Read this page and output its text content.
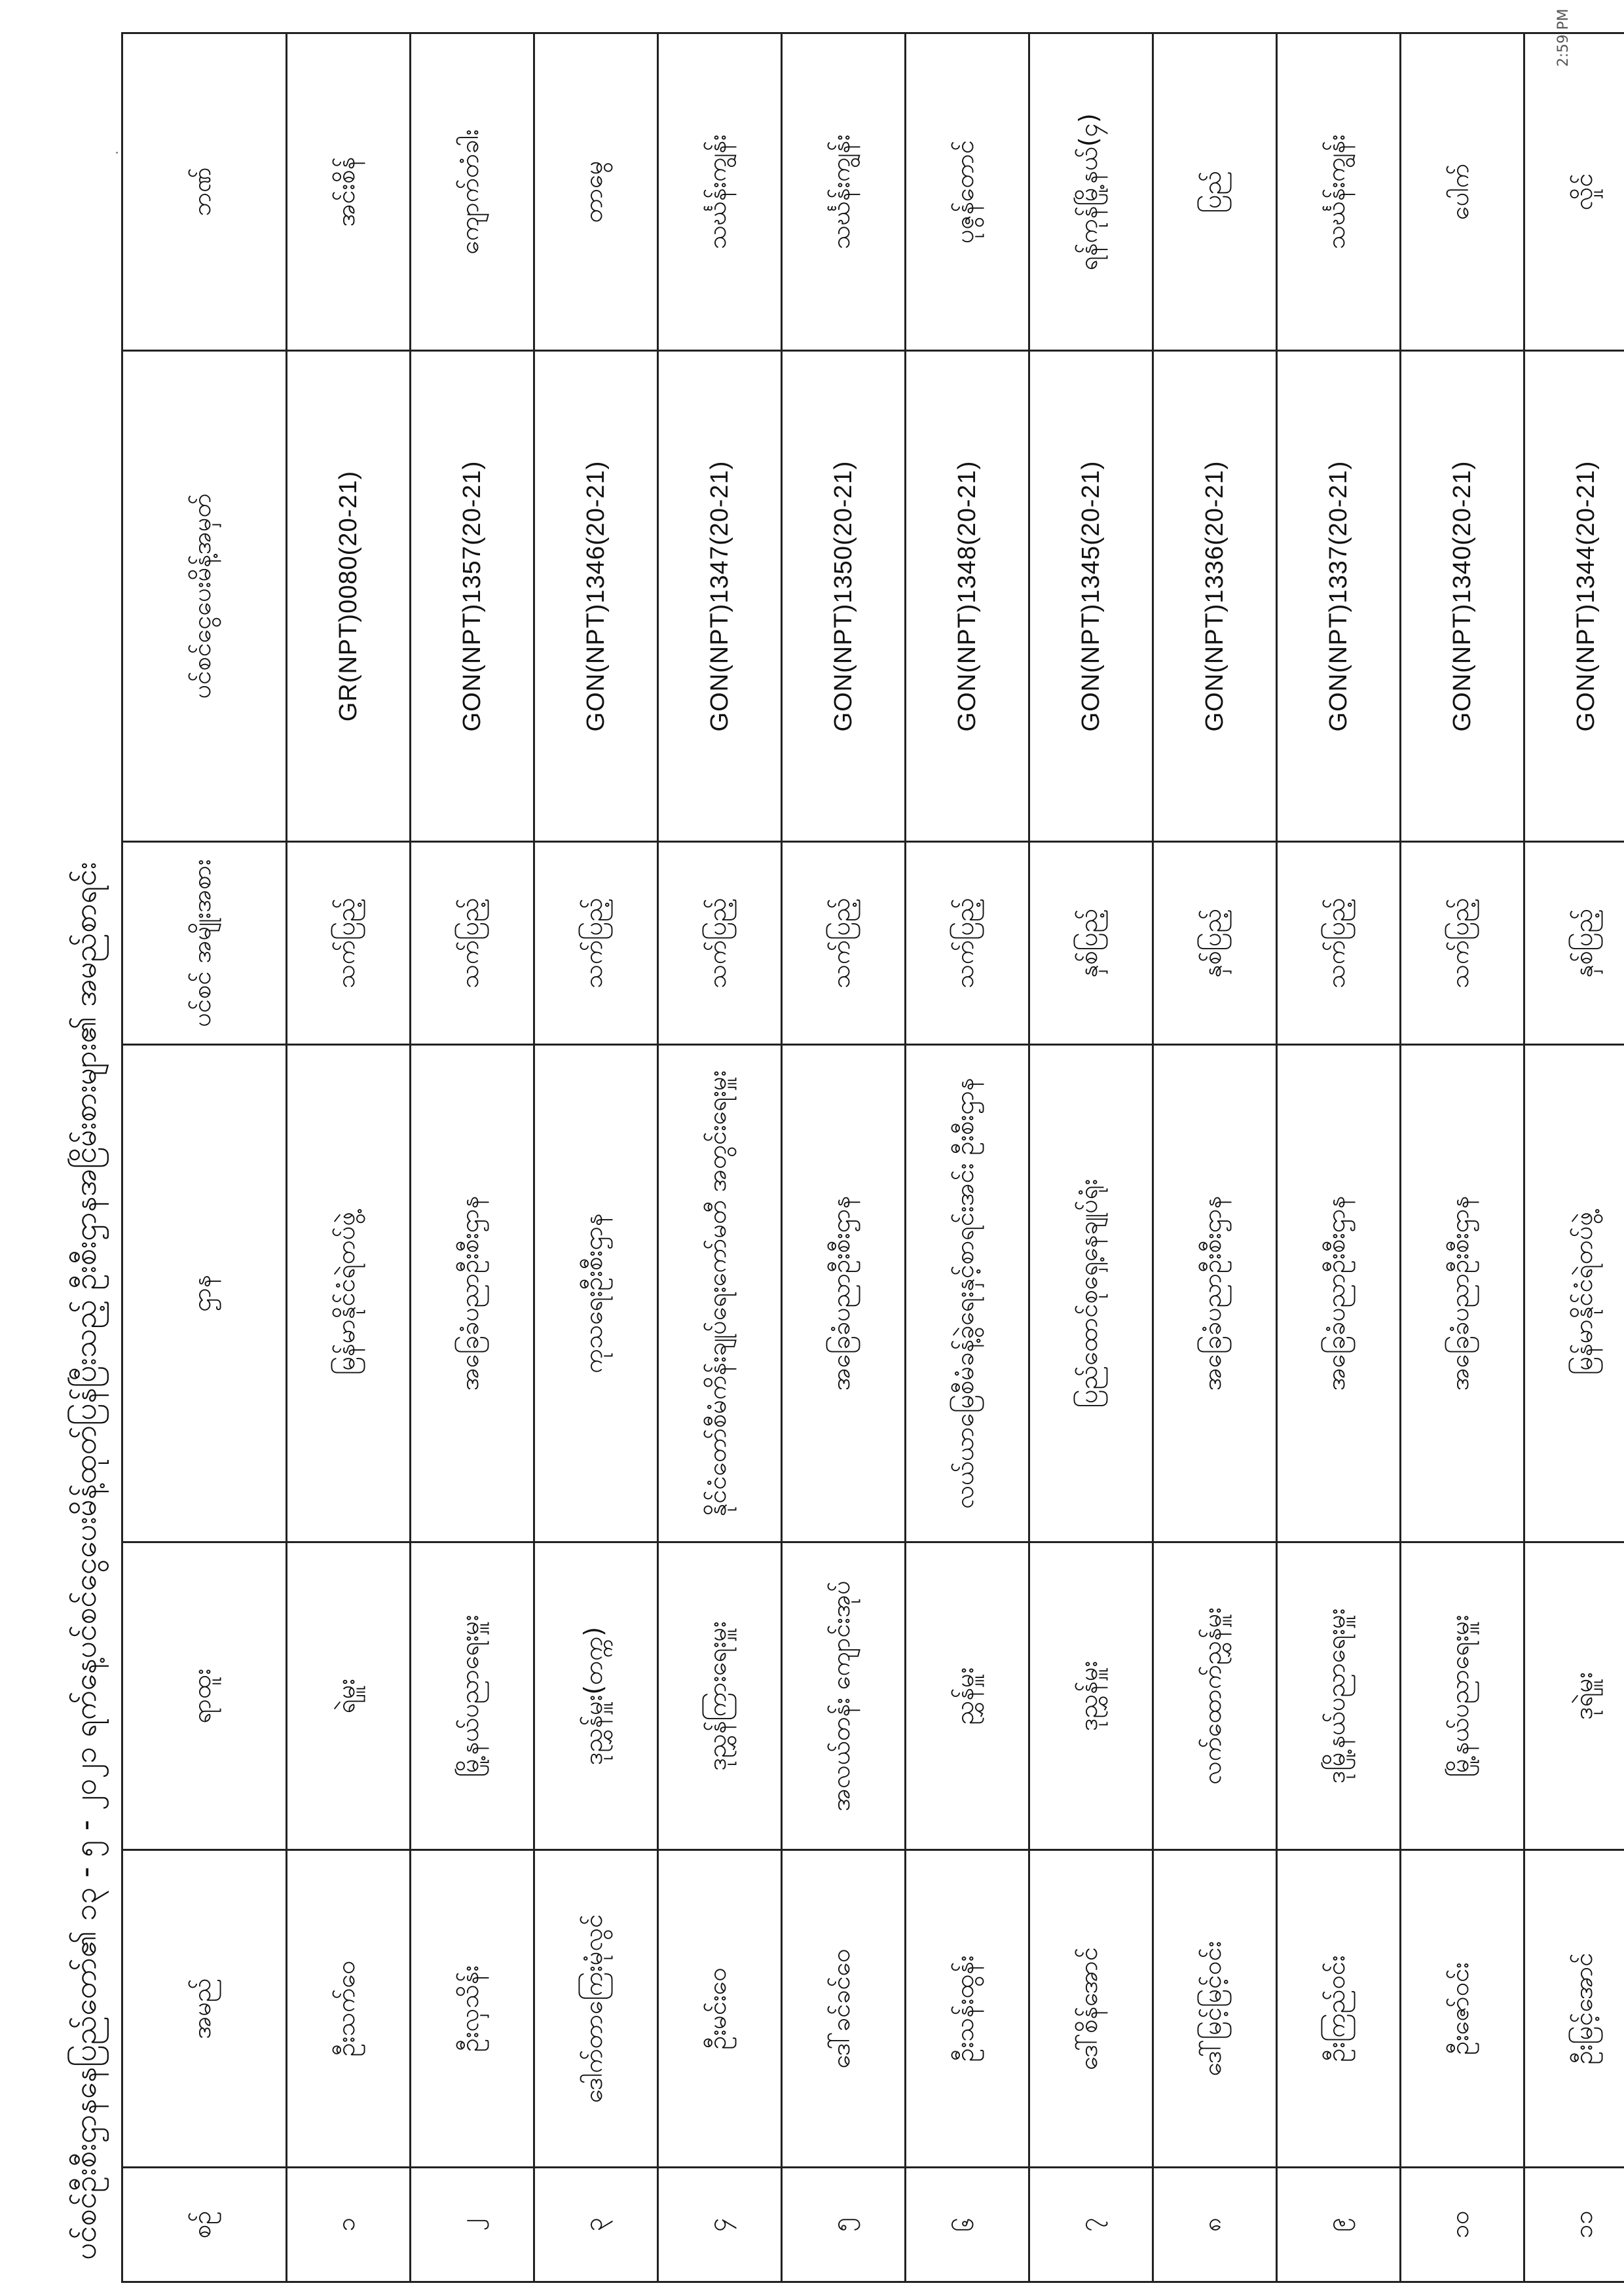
ပင်စင်ဦးစီးဌာနနေပြည်တော်၏ ၁၃ - ၅ - ၂၀၂၁ ရက်နေ့ပင်စင်ငွေပေးမိန့်ထုတ်ပြန်ပြီးသည့် ဦးစီးဌာနအငြိမ်းစားများ၏ အမည်စာရင်း
·
စဥ်	အမည်	ရာထူး	ဌာန	ပင်စင် အမျိုးအစား	ပင်စင်ငွေပေးမိန့်အမှတ်	ဘဏ်
၁	ဦးသက်ဝေ	ရဲမှူး	မြန်မာနိုင်ငံရဲတပ်ဖွဲ့	သက်ပြည့်	GR(NPT)0080(20-21)	အင်းစိန်
၂	ဦးလှသိန်း	မြို့နယ်ပညာရေးမှူး	အခြေခံပညာဦးစီးဌာန	သက်ပြည့်	GON(NPT)1357(20-21)	ကျောက်တံခါး
၃	ဒေါက်တာကြေးမုံလွင်	ဒုညွှန်မှူး(တက္က)	ကုသရေးဦးစီးဌာန	သက်ပြည့်	GON(NPT)1346(20-21)	တာမွေ
၄	ဦးမင်းဝေ	ဒုညွှန်ကြားရေးမှူး	နိုင်ငံတော်စီမံကိန်းချုပ်ရေးကော်မတီ အတွင်းရေးမှူး	သက်ပြည့်	GON(NPT)1347(20-21)	သင်္ဃန်းကျွန်း
၅	ဒေါ်ခင်ခင်ဝေ	အလယ်တန်း ကျောင်းအုပ်	အခြေခံပညာဦးစီးဌာန	သက်ပြည့်	GON(NPT)1350(20-21)	သင်္ဃန်းကျွန်း
၆	ဦးသန်းထွန်း	ညွှန်မှူး	လယ်ယာမြေစီမံခန့်ခွဲရေးနှင့်စာရင်းအင်း ဦးစီးဌာန	သက်ပြည့်	GON(NPT)1348(20-21)	ပုဇွန်တောင်
၇	ဒေါ်စိန်အောင်	ဒုညွှန်မှူး	ပြည်ထောင်စုရှေ့နေချုပ်ရုံး	နှစ်ပြည့်	GON(NPT)1345(20-21)	ရန်ကုန်မြို့နယ်(၄)
၈	ဒေါ်မြင့်မြင့်ဝင်း	လက်ထောက်ညွှန်မှူး	အခြေခံပညာဦးစီးဌာန	နှစ်ပြည့်	GON(NPT)1336(20-21)	ပြည်
၉	ဦးကြည်ဝင်း	ဒုမြို့နယ်ပညာရေးမှူး	အခြေခံပညာဦးစီးဌာန	သက်ပြည့်	GON(NPT)1337(20-21)	သင်္ဃန်းကျွန်း
၁၀	ဦးဇော်ဝင်း	မြို့နယ်ပညာရေးမှူး	အခြေခံပညာဦးစီးဌာန	သက်ပြည့်	GON(NPT)1340(20-21)	ပေါက်
၁၁	ဦးမြင့်အောင်	ဒုရဲမှူး	မြန်မာနိုင်ငံရဲတပ်ဖွဲ့	နှစ်ပြည့်	GON(NPT)1344(20-21)	လှိုင်
2:59 PM
